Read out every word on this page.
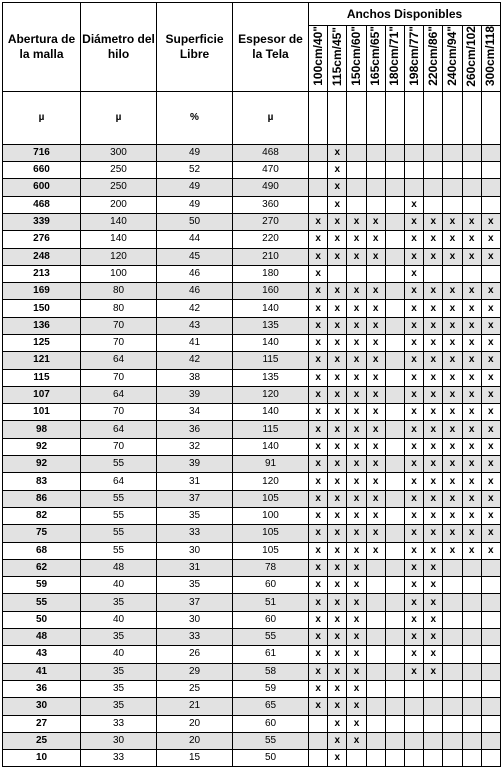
Abertura de la malla	Diámetro del hilo	Superficie Libre	Espesor de la Tela	Anchos Disponibles									
				100cm/40"	115cm/45"	150cm/60"	165cm/65"	180cm/71"	198cm/77"	220cm/86"	240cm/94"	260cm/102	300cm/118
µ	µ	%	µ										
716	300	49	468		x								
660	250	52	470		x								
600	250	49	490		x								
468	200	49	360		x				x				
339	140	50	270	x	x	x	x		x	x	x	x	x
276	140	44	220	x	x	x	x		x	x	x	x	x
248	120	45	210	x	x	x	x		x	x	x	x	x
213	100	46	180	x					x				
169	80	46	160	x	x	x	x		x	x	x	x	x
150	80	42	140	x	x	x	x		x	x	x	x	x
136	70	43	135	x	x	x	x		x	x	x	x	x
125	70	41	140	x	x	x	x		x	x	x	x	x
121	64	42	115	x	x	x	x		x	x	x	x	x
115	70	38	135	x	x	x	x		x	x	x	x	x
107	64	39	120	x	x	x	x		x	x	x	x	x
101	70	34	140	x	x	x	x		x	x	x	x	x
98	64	36	115	x	x	x	x		x	x	x	x	x
92	70	32	140	x	x	x	x		x	x	x	x	x
92	55	39	91	x	x	x	x		x	x	x	x	x
83	64	31	120	x	x	x	x		x	x	x	x	x
86	55	37	105	x	x	x	x		x	x	x	x	x
82	55	35	100	x	x	x	x		x	x	x	x	x
75	55	33	105	x	x	x	x		x	x	x	x	x
68	55	30	105	x	x	x	x		x	x	x	x	x
62	48	31	78	x	x	x			x	x			
59	40	35	60	x	x	x			x	x			
55	35	37	51	x	x	x			x	x			
50	40	30	60	x	x	x			x	x			
48	35	33	55	x	x	x			x	x			
43	40	26	61	x	x	x			x	x			
41	35	29	58	x	x	x			x	x			
36	35	25	59	x	x	x							
30	35	21	65	x	x	x							
27	33	20	60		x	x							
25	30	20	55		x	x							
10	33	15	50		x								
